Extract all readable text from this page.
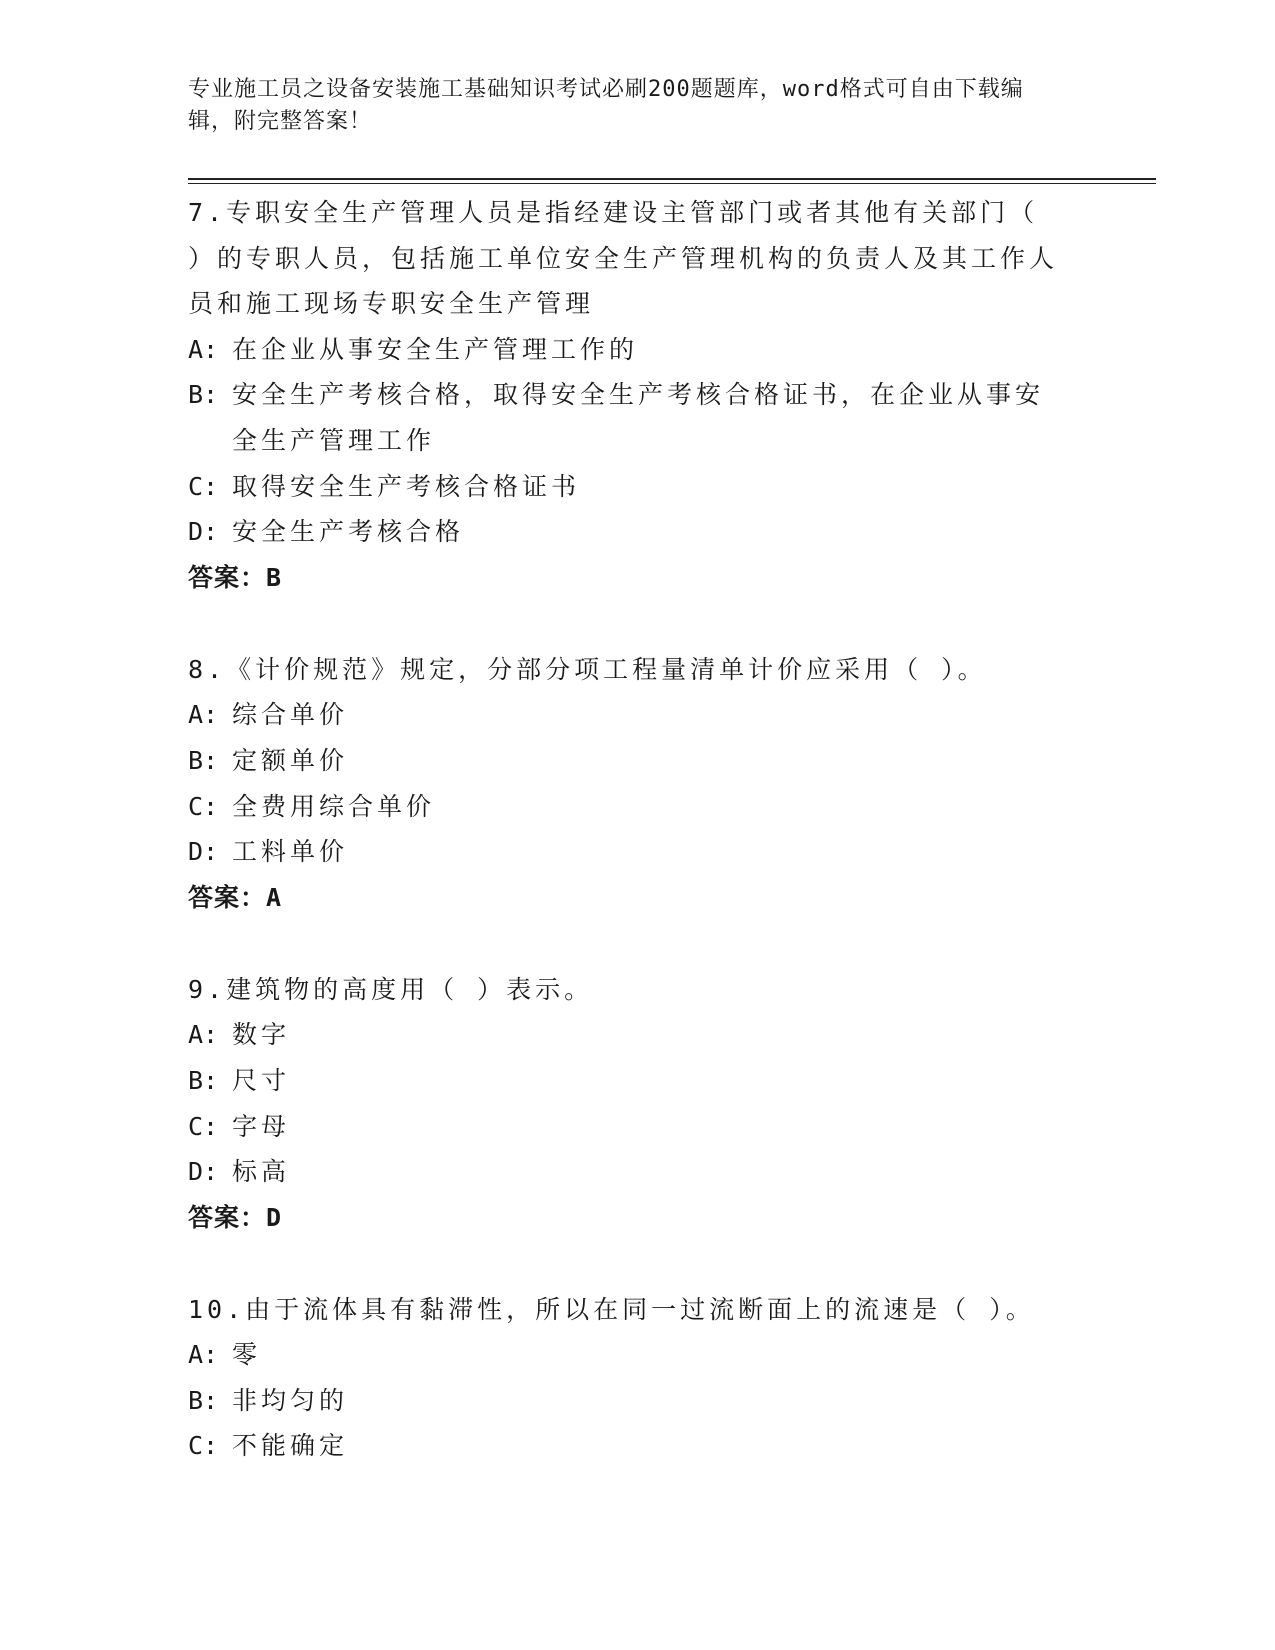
专业施工员之设备安装施工基础知识考试必刷200题题库，word格式可自由下载编辑，附完整答案！
7.专职安全生产管理人员是指经建设主管部门或者其他有关部门（ ）的专职人员，包括施工单位安全生产管理机构的负责人及其工作人员和施工现场专职安全生产管理
A: 在企业从事安全生产管理工作的
B: 安全生产考核合格，取得安全生产考核合格证书，在企业从事安全生产管理工作
C: 取得安全生产考核合格证书
D: 安全生产考核合格
答案：B
8.《计价规范》规定，分部分项工程量清单计价应采用（ ）。
A: 综合单价
B: 定额单价
C: 全费用综合单价
D: 工料单价
答案：A
9.建筑物的高度用（ ）表示。
A: 数字
B: 尺寸
C: 字母
D: 标高
答案：D
10.由于流体具有黏滞性，所以在同一过流断面上的流速是（ ）。
A: 零
B: 非均匀的
C: 不能确定
